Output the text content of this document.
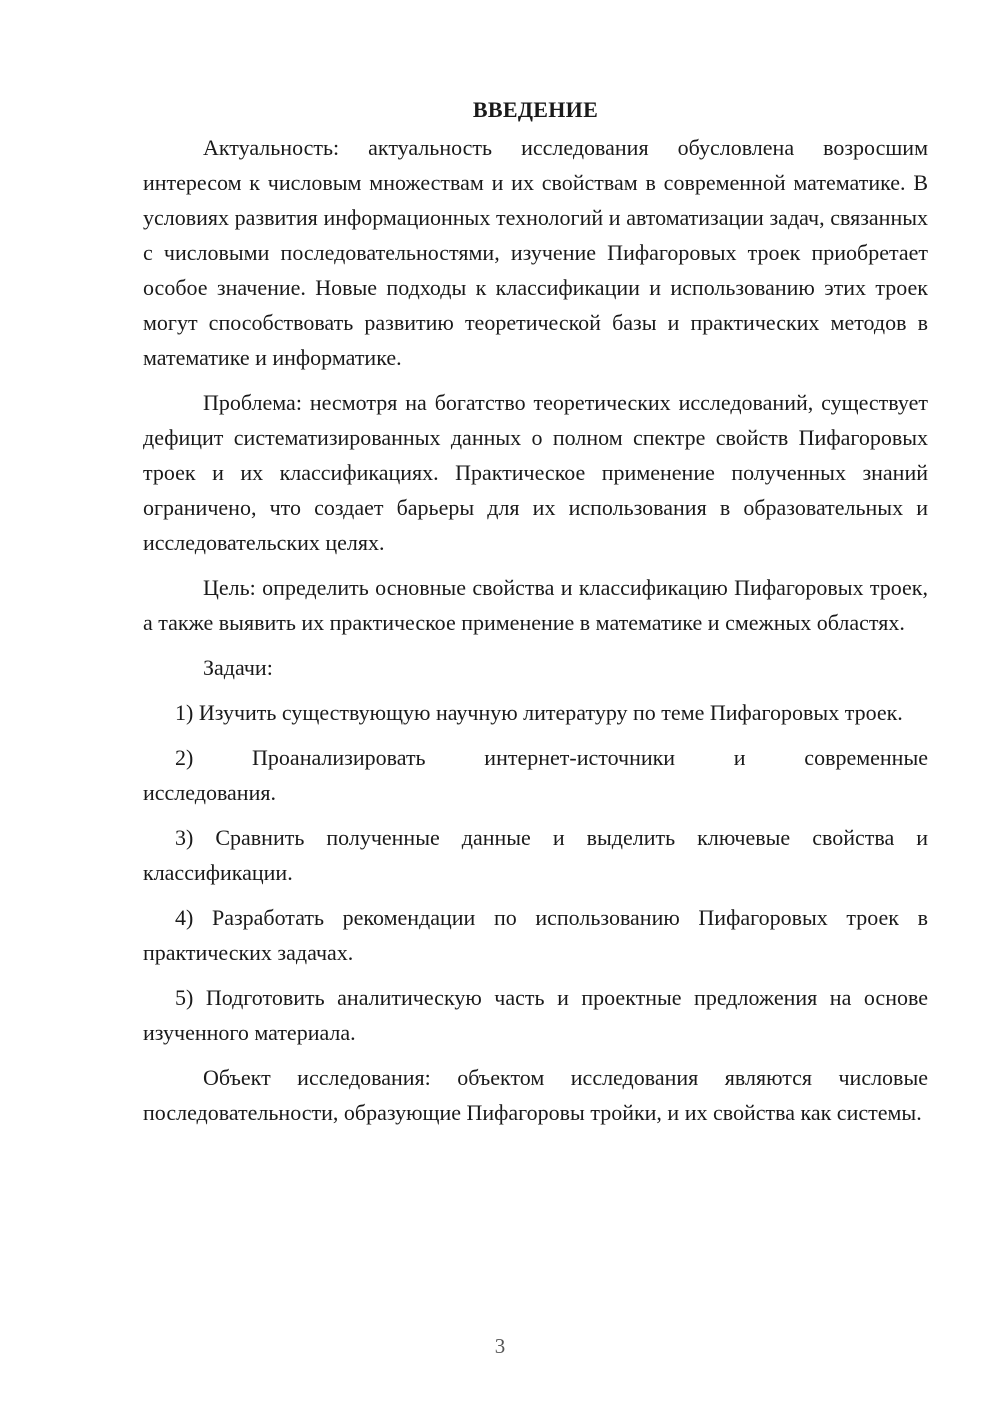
ВВЕДЕНИЕ

Актуальность: актуальность исследования обусловлена возросшим интересом к числовым множествам и их свойствам в современной математике. В условиях развития информационных технологий и автоматизации задач, связанных с числовыми последовательностями, изучение Пифагоровых троек приобретает особое значение. Новые подходы к классификации и использованию этих троек могут способствовать развитию теоретической базы и практических методов в математике и информатике.

Проблема: несмотря на богатство теоретических исследований, существует дефицит систематизированных данных о полном спектре свойств Пифагоровых троек и их классификациях. Практическое применение полученных знаний ограничено, что создает барьеры для их использования в образовательных и исследовательских целях.

Цель: определить основные свойства и классификацию Пифагоровых троек, а также выявить их практическое применение в математике и смежных областях.

Задачи:

1) Изучить существующую научную литературу по теме Пифагоровых троек.

2) Проанализировать интернет-источники и современные
исследования.

3) Сравнить полученные данные и выделить ключевые свойства и классификации.

4) Разработать рекомендации по использованию Пифагоровых троек в практических задачах.

5) Подготовить аналитическую часть и проектные предложения на основе изученного материала.

Объект исследования: объектом исследования являются числовые последовательности, образующие Пифагоровы тройки, и их свойства как системы.

3
